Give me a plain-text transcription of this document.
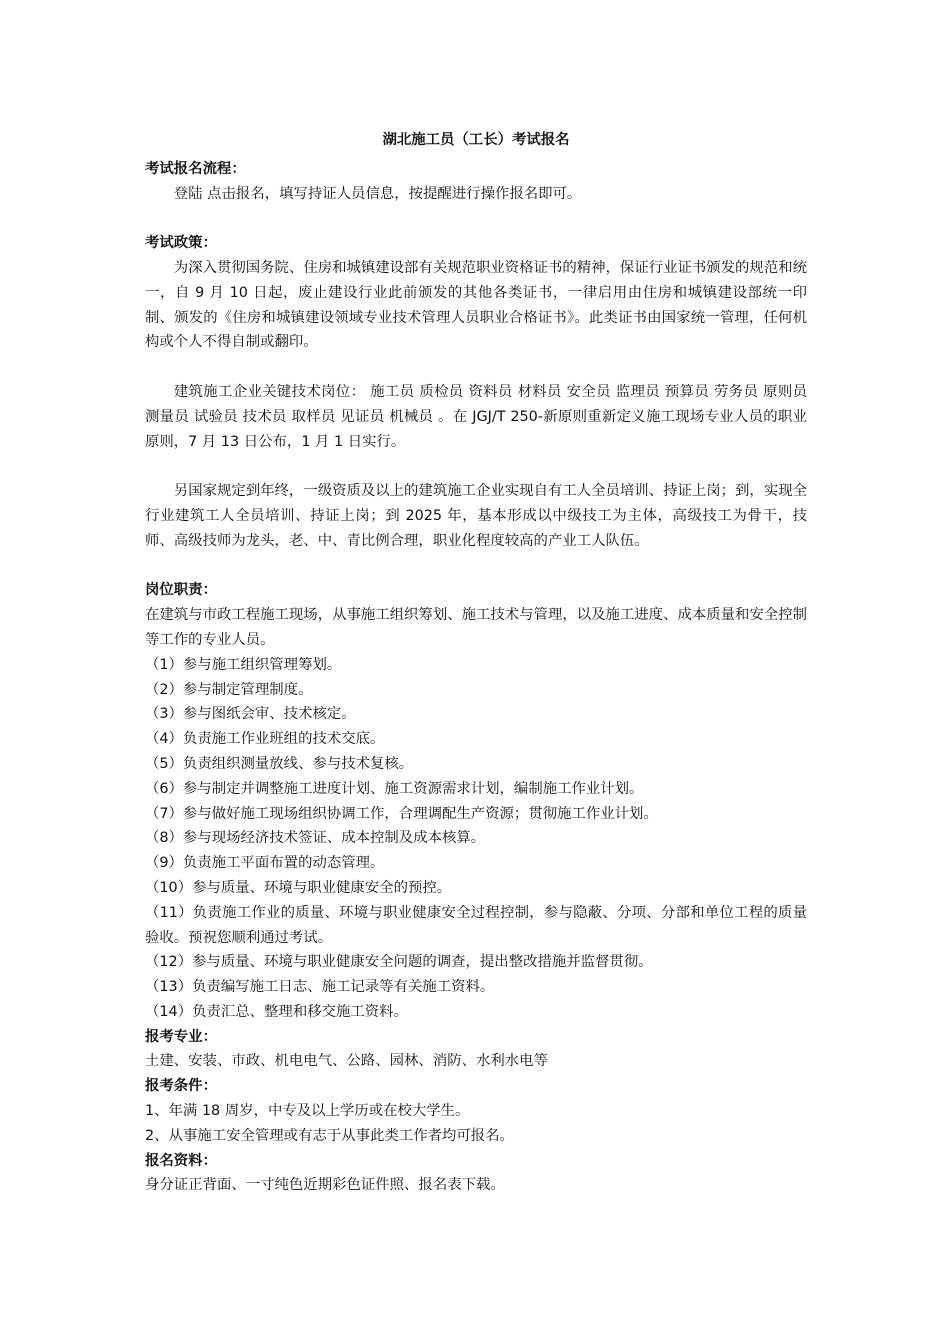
湖北施工员（工长）考试报名

考试报名流程：

登陆 点击报名，填写持证人员信息，按提醒进行操作报名即可。

考试政策：

为深入贯彻国务院、住房和城镇建设部有关规范职业资格证书的精神，保证行业证书颁发的规范和统一，自 9 月 10 日起，废止建设行业此前颁发的其他各类证书，一律启用由住房和城镇建设部统一印制、颁发的《住房和城镇建设领域专业技术管理人员职业合格证书》。此类证书由国家统一管理，任何机构或个人不得自制或翻印。

建筑施工企业关键技术岗位： 施工员 质检员 资料员 材料员 安全员 监理员 预算员 劳务员 原则员 测量员 试验员 技术员 取样员 见证员 机械员 。在 JGJ/T 250-新原则重新定义施工现场专业人员的职业原则，7 月 13 日公布，1 月 1 日实行。

另国家规定到年终，一级资质及以上的建筑施工企业实现自有工人全员培训、持证上岗；到，实现全行业建筑工人全员培训、持证上岗；到 2025 年，基本形成以中级技工为主体，高级技工为骨干，技师、高级技师为龙头，老、中、青比例合理，职业化程度较高的产业工人队伍。

岗位职责：

在建筑与市政工程施工现场，从事施工组织筹划、施工技术与管理，以及施工进度、成本质量和安全控制等工作的专业人员。

（1）参与施工组织管理筹划。

（2）参与制定管理制度。

（3）参与图纸会审、技术核定。

（4）负责施工作业班组的技术交底。

（5）负责组织测量放线、参与技术复核。

（6）参与制定并调整施工进度计划、施工资源需求计划，编制施工作业计划。

（7）参与做好施工现场组织协调工作，合理调配生产资源；贯彻施工作业计划。

（8）参与现场经济技术签证、成本控制及成本核算。

（9）负责施工平面布置的动态管理。

（10）参与质量、环境与职业健康安全的预控。

（11）负责施工作业的质量、环境与职业健康安全过程控制，参与隐蔽、分项、分部和单位工程的质量验收。预祝您顺利通过考试。

（12）参与质量、环境与职业健康安全问题的调查，提出整改措施并监督贯彻。

（13）负责编写施工日志、施工记录等有关施工资料。

（14）负责汇总、整理和移交施工资料。

报考专业：

土建、安装、市政、机电电气、公路、园林、消防、水利水电等

报考条件：

1、年满 18 周岁，中专及以上学历或在校大学生。

2、从事施工安全管理或有志于从事此类工作者均可报名。

报名资料：

身分证正背面、一寸纯色近期彩色证件照、报名表下载。
